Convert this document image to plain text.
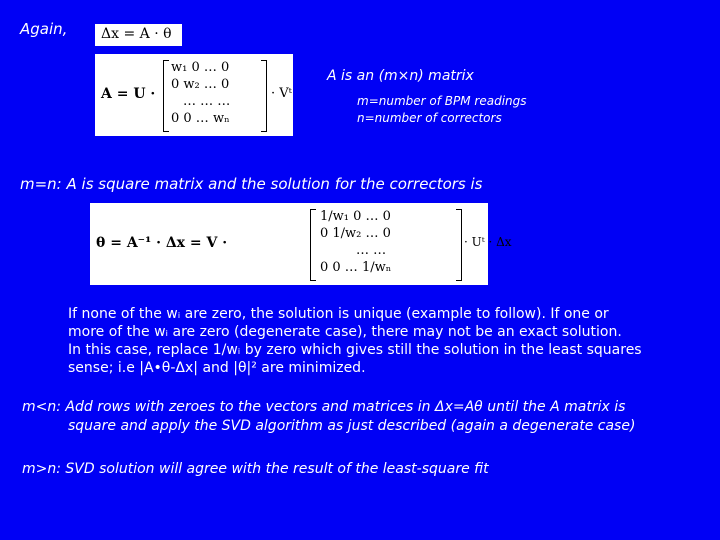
Again, Δx = A · θ
A = U ·
w₁ 0 … 0
0 w₂ … 0
… … …
0 0 … wₙ
· Vᵗ
A is an (m×n) matrix
m=number of BPM readings
n=number of correctors
m=n: A is square matrix and the solution for the correctors is
θ = A⁻¹ · Δx = V ·
1/w₁ 0 … 0
0 1/w₂ … 0
… …
0 0 … 1/wₙ
· Uᵗ · Δx
If none of the wᵢ are zero, the solution is unique (example to follow). If one or
more of the wᵢ are zero (degenerate case), there may not be an exact solution.
In this case, replace 1/wᵢ by zero which gives still the solution in the least squares
sense; i.e |A•θ-Δx| and |θ|² are minimized.
m<n: Add rows with zeroes to the vectors and matrices in Δx=Aθ until the A matrix is
square and apply the SVD algorithm as just described (again a degenerate case)
m>n: SVD solution will agree with the result of the least-square fit
